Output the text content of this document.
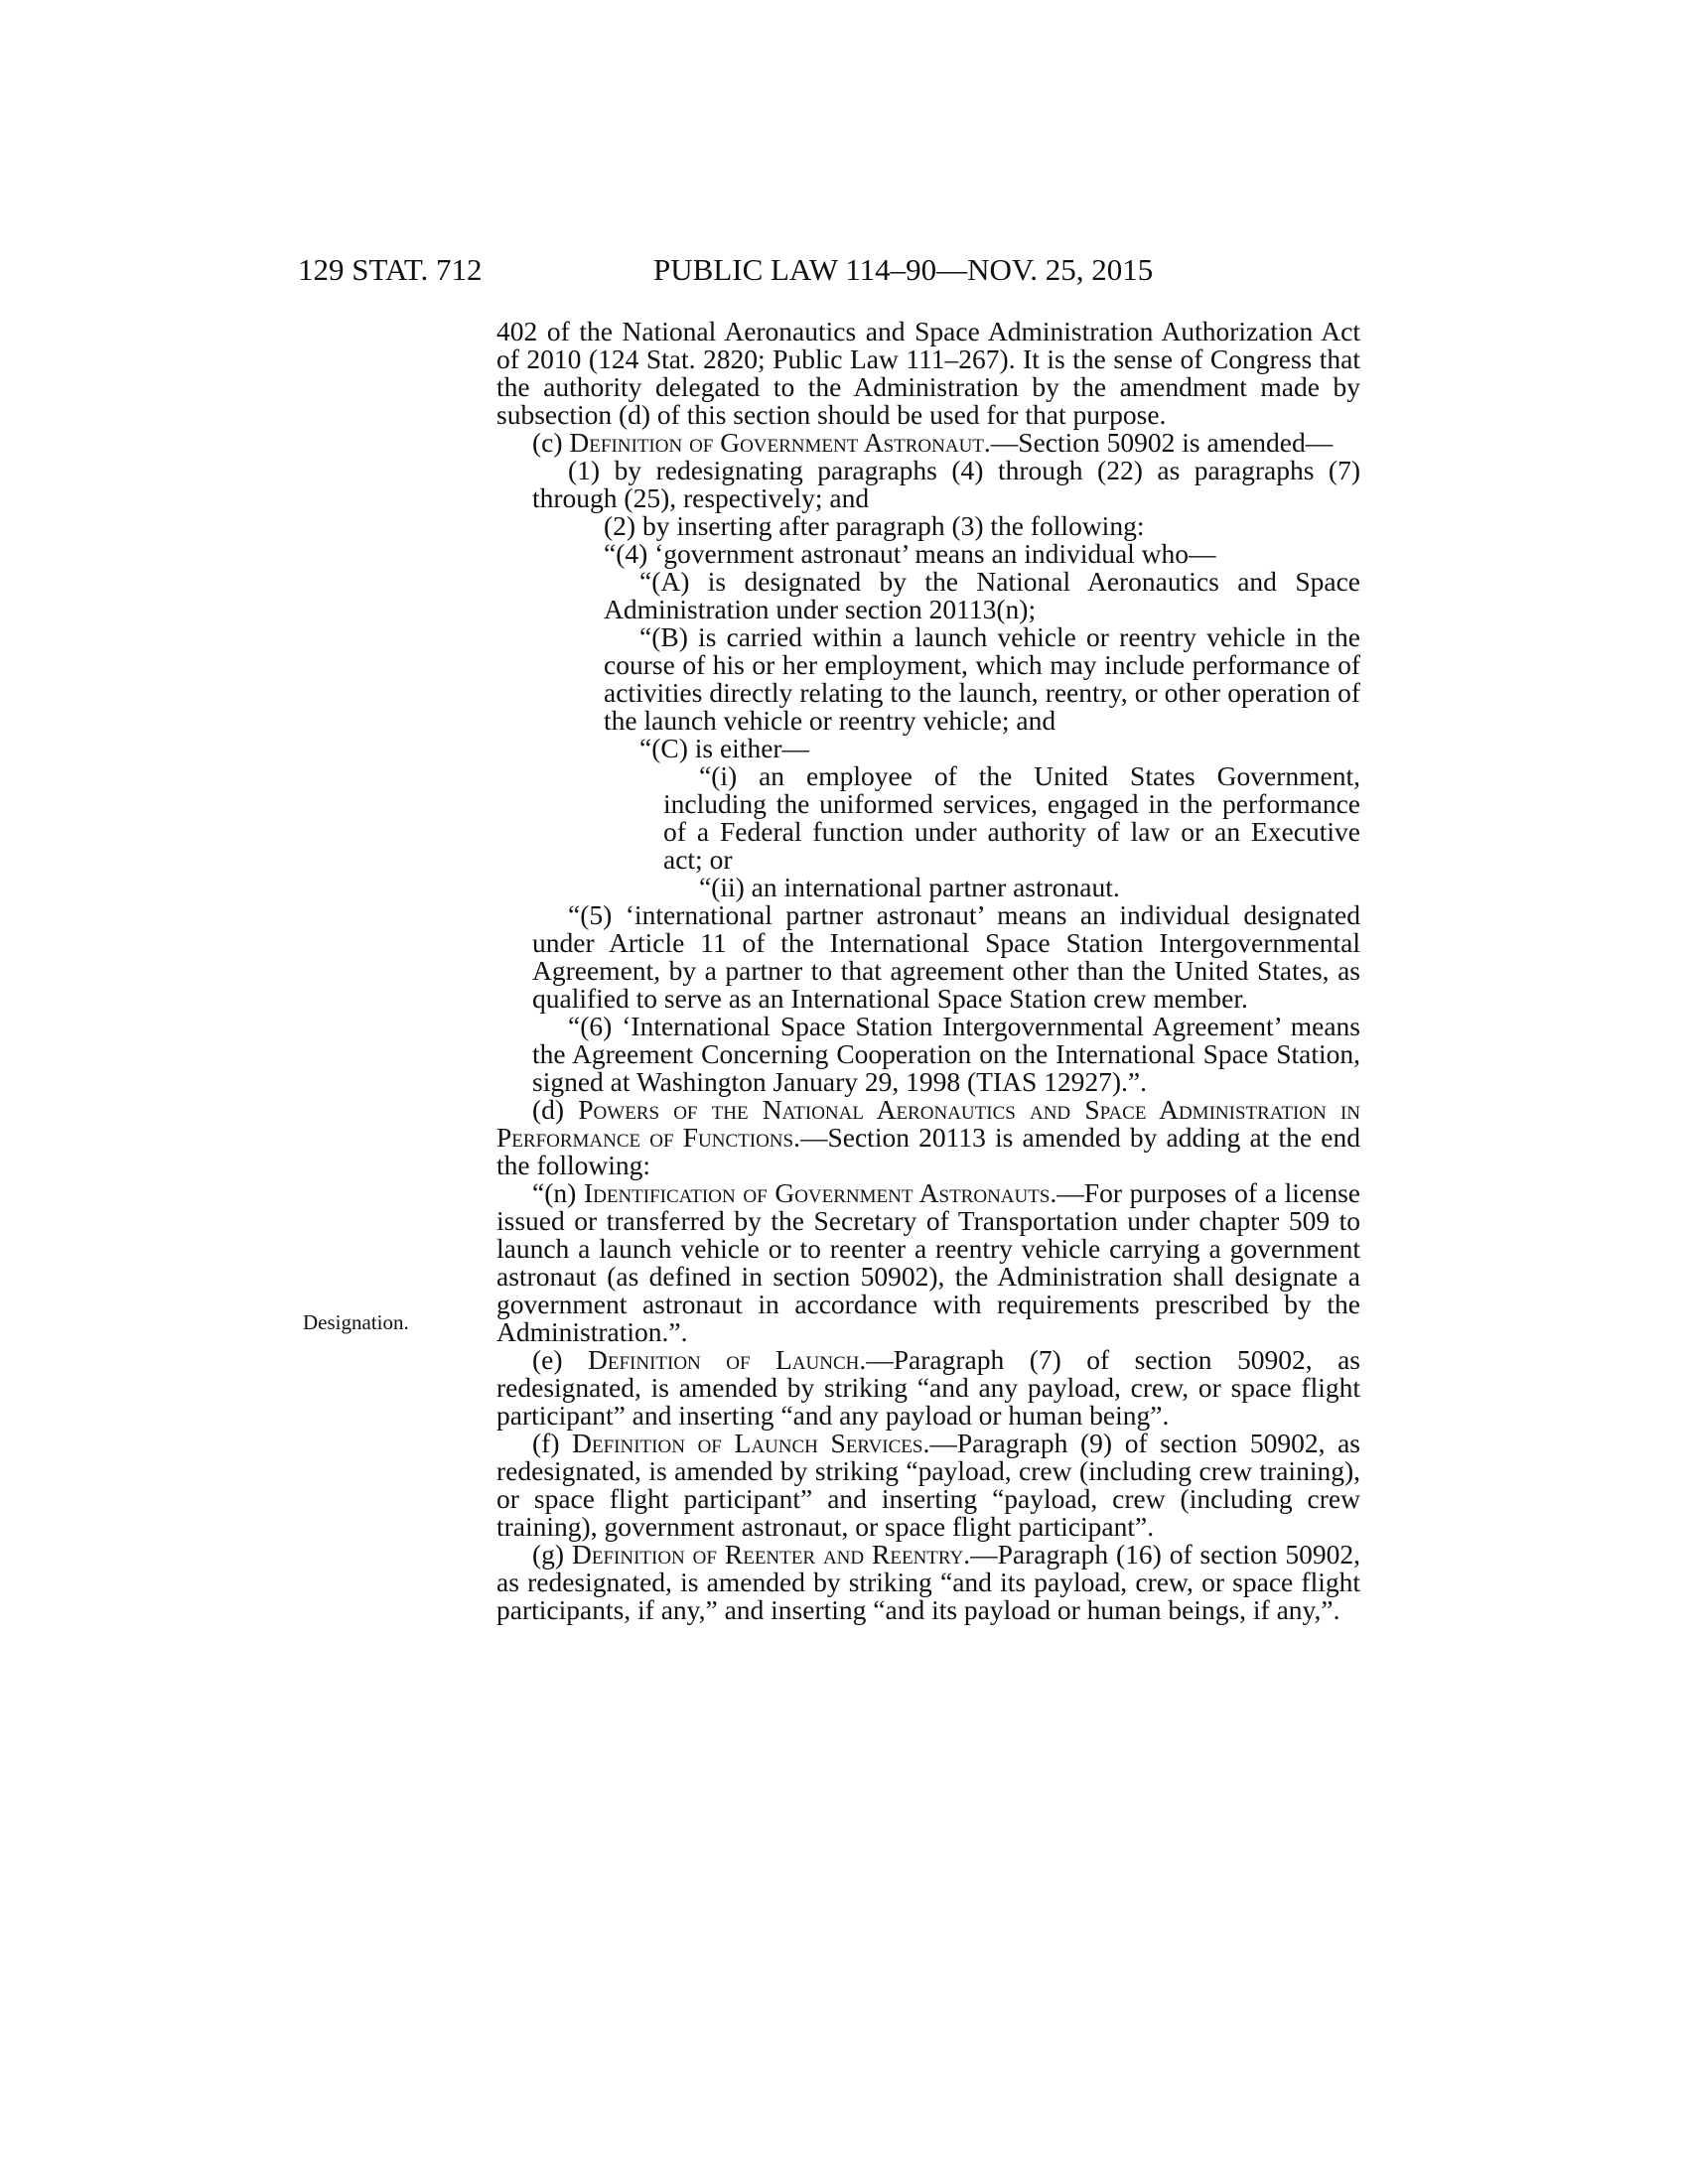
129 STAT. 712	PUBLIC LAW 114–90—NOV. 25, 2015
Designation.

402 of the National Aeronautics and Space Administration Authorization Act of 2010 (124 Stat. 2820; Public Law 111–267). It is the sense of Congress that the authority delegated to the Administration by the amendment made by subsection (d) of this section should be used for that purpose.

(c) Definition of Government Astronaut.—Section 50902 is amended—

(1) by redesignating paragraphs (4) through (22) as paragraphs (7) through (25), respectively; and

(2) by inserting after paragraph (3) the following:

“(4) ‘government astronaut’ means an individual who—

“(A) is designated by the National Aeronautics and Space Administration under section 20113(n);

“(B) is carried within a launch vehicle or reentry vehicle in the course of his or her employment, which may include performance of activities directly relating to the launch, reentry, or other operation of the launch vehicle or reentry vehicle; and

“(C) is either—

“(i) an employee of the United States Government, including the uniformed services, engaged in the performance of a Federal function under authority of law or an Executive act; or

“(ii) an international partner astronaut.

“(5) ‘international partner astronaut’ means an individual designated under Article 11 of the International Space Station Intergovernmental Agreement, by a partner to that agreement other than the United States, as qualified to serve as an International Space Station crew member.

“(6) ‘International Space Station Intergovernmental Agreement’ means the Agreement Concerning Cooperation on the International Space Station, signed at Washington January 29, 1998 (TIAS 12927).”.

(d) Powers of the National Aeronautics and Space Administration in Performance of Functions.—Section 20113 is amended by adding at the end the following:

“(n) Identification of Government Astronauts.—For purposes of a license issued or transferred by the Secretary of Transportation under chapter 509 to launch a launch vehicle or to reenter a reentry vehicle carrying a government astronaut (as defined in section 50902), the Administration shall designate a government astronaut in accordance with requirements prescribed by the Administration.”.

(e) Definition of Launch.—Paragraph (7) of section 50902, as redesignated, is amended by striking “and any payload, crew, or space flight participant” and inserting “and any payload or human being”.

(f) Definition of Launch Services.—Paragraph (9) of section 50902, as redesignated, is amended by striking “payload, crew (including crew training), or space flight participant” and inserting “payload, crew (including crew training), government astronaut, or space flight participant”.

(g) Definition of Reenter and Reentry.—Paragraph (16) of section 50902, as redesignated, is amended by striking “and its payload, crew, or space flight participants, if any,” and inserting “and its payload or human beings, if any,”.
